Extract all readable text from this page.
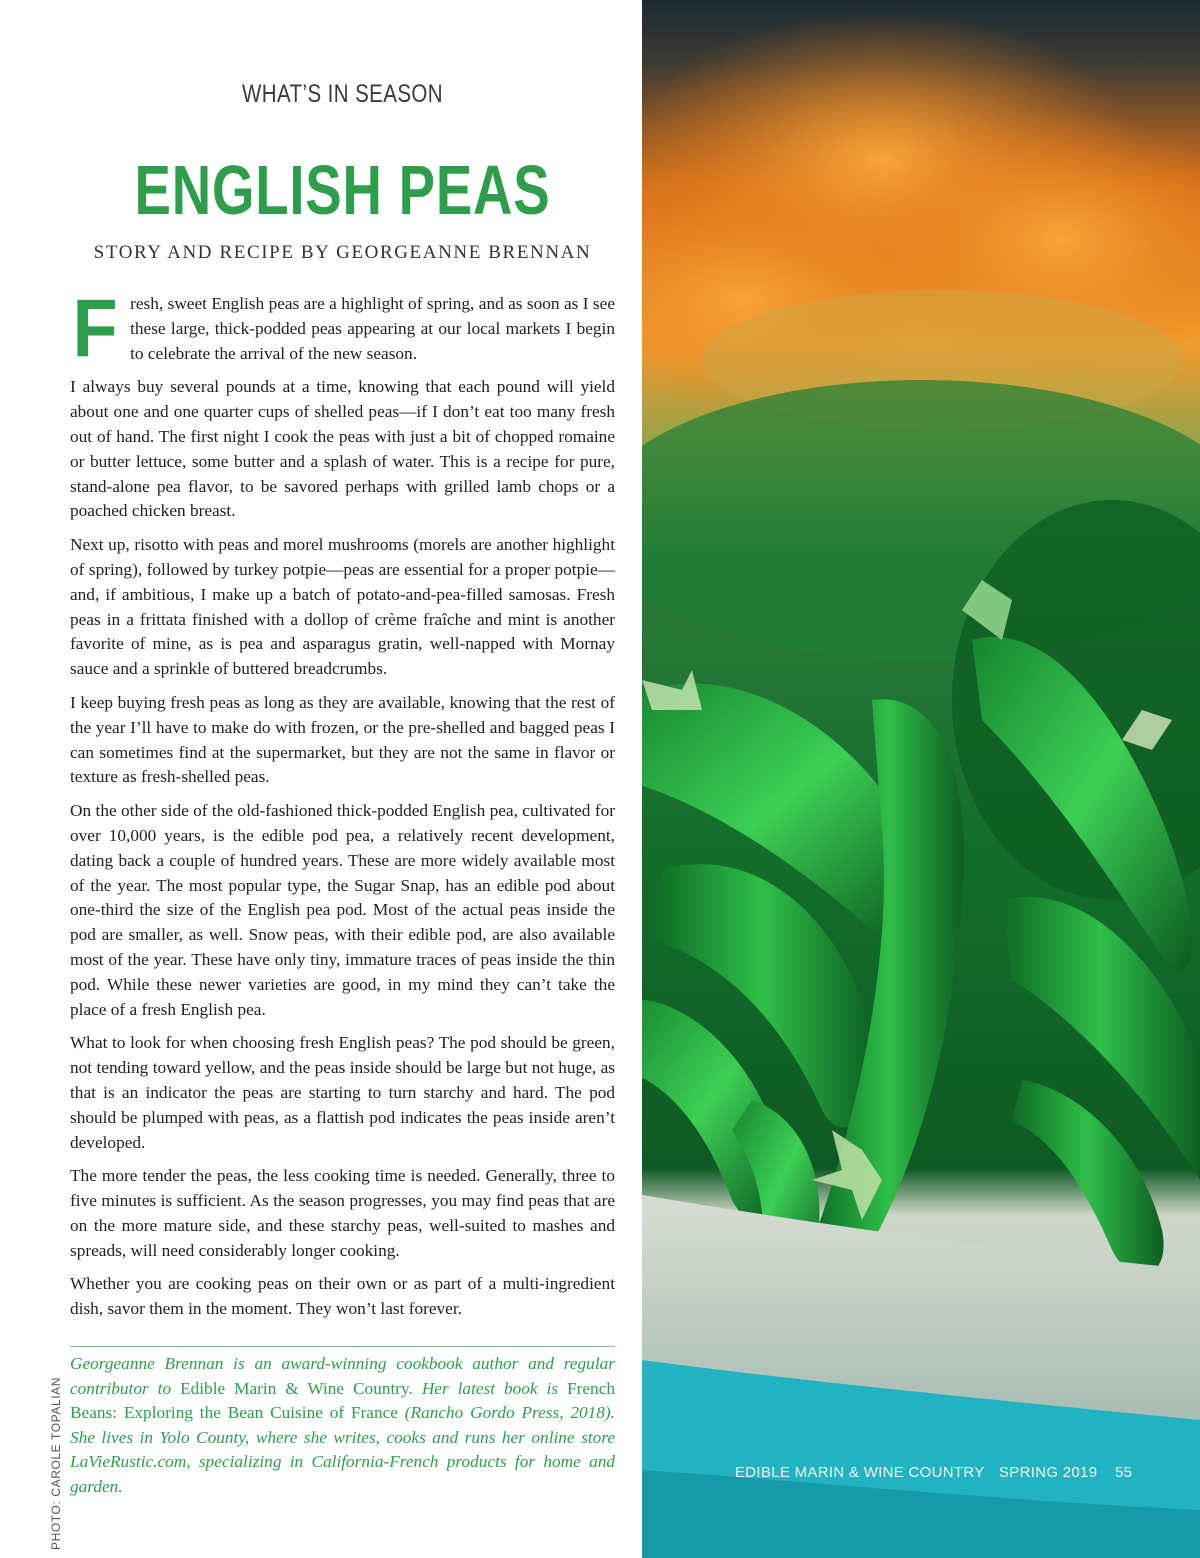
WHAT’S IN SEASON
ENGLISH PEAS
STORY AND RECIPE BY GEORGEANNE BRENNAN

Fresh, sweet English peas are a highlight of spring, and as soon as I see these large, thick-podded peas appearing at our local markets I begin to celebrate the arrival of the new season.

I always buy several pounds at a time, knowing that each pound will yield about one and one quarter cups of shelled peas—if I don’t eat too many fresh out of hand. The first night I cook the peas with just a bit of chopped romaine or butter lettuce, some butter and a splash of water. This is a recipe for pure, stand-alone pea flavor, to be savored perhaps with grilled lamb chops or a poached chicken breast.

Next up, risotto with peas and morel mushrooms (morels are another highlight of spring), followed by turkey potpie—peas are essential for a proper potpie—and, if ambitious, I make up a batch of potato-and-pea-filled samosas. Fresh peas in a frittata finished with a dollop of crème fraîche and mint is another favorite of mine, as is pea and asparagus gratin, well-napped with Mornay sauce and a sprinkle of buttered breadcrumbs.

I keep buying fresh peas as long as they are available, knowing that the rest of the year I’ll have to make do with frozen, or the pre-shelled and bagged peas I can sometimes find at the supermarket, but they are not the same in flavor or texture as fresh-shelled peas.

On the other side of the old-fashioned thick-podded English pea, cultivated for over 10,000 years, is the edible pod pea, a relatively recent development, dating back a couple of hundred years. These are more widely available most of the year. The most popular type, the Sugar Snap, has an edible pod about one-third the size of the English pea pod. Most of the actual peas inside the pod are smaller, as well. Snow peas, with their edible pod, are also available most of the year. These have only tiny, immature traces of peas inside the thin pod. While these newer varieties are good, in my mind they can’t take the place of a fresh English pea.

What to look for when choosing fresh English peas? The pod should be green, not tending toward yellow, and the peas inside should be large but not huge, as that is an indicator the peas are starting to turn starchy and hard. The pod should be plumped with peas, as a flattish pod indicates the peas inside aren’t developed.

The more tender the peas, the less cooking time is needed. Generally, three to five minutes is sufficient. As the season progresses, you may find peas that are on the more mature side, and these starchy peas, well-suited to mashes and spreads, will need considerably longer cooking.

Whether you are cooking peas on their own or as part of a multi-ingredient dish, savor them in the moment. They won’t last forever.

Georgeanne Brennan is an award-winning cookbook author and regular contributor to Edible Marin & Wine Country. Her latest book is French Beans: Exploring the Bean Cuisine of France (Rancho Gordo Press, 2018). She lives in Yolo County, where she writes, cooks and runs her online store LaVieRustic.com, specializing in California-French products for home and garden.
PHOTO: CAROLE TOPALIAN	EDIBLE MARIN & WINE COUNTRY SPRING 2019 55
